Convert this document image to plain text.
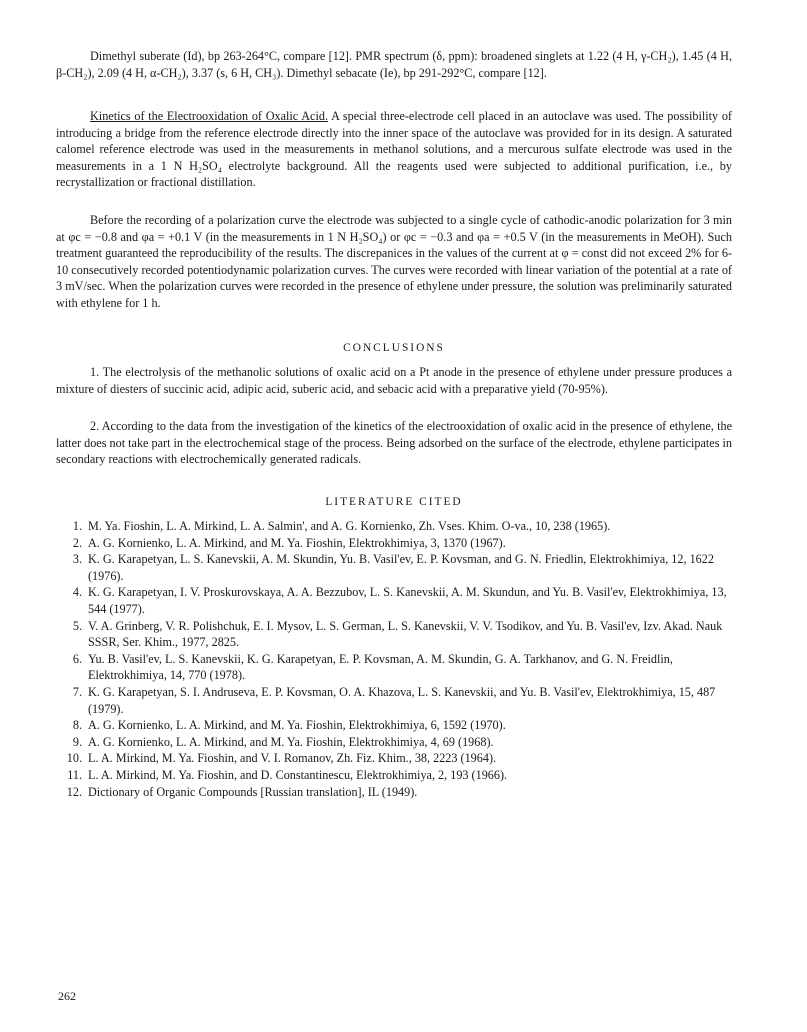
Dimethyl suberate (Id), bp 263-264°C, compare [12]. PMR spectrum (δ, ppm): broadened singlets at 1.22 (4 H, γ-CH₂), 1.45 (4 H, β-CH₂), 2.09 (4 H, α-CH₂), 3.37 (s, 6 H, CH₃). Dimethyl sebacate (Ie), bp 291-292°C, compare [12].

Kinetics of the Electrooxidation of Oxalic Acid. A special three-electrode cell placed in an autoclave was used. The possibility of introducing a bridge from the reference electrode directly into the inner space of the autoclave was provided for in its design. A saturated calomel reference electrode was used in the measurements in methanol solutions, and a mercurous sulfate electrode was used in the measurements in a 1 N H₂SO₄ electrolyte background. All the reagents used were subjected to additional purification, i.e., by recrystallization or fractional distillation.

Before the recording of a polarization curve the electrode was subjected to a single cycle of cathodic-anodic polarization for 3 min at φc = −0.8 and φa = +0.1 V (in the measurements in 1 N H₂SO₄) or φc = −0.3 and φa = +0.5 V (in the measurements in MeOH). Such treatment guaranteed the reproducibility of the results. The discrepanices in the values of the current at φ = const did not exceed 2% for 6-10 consecutively recorded potentiodynamic polarization curves. The curves were recorded with linear variation of the potential at a rate of 3 mV/sec. When the polarization curves were recorded in the presence of ethylene under pressure, the solution was preliminarily saturated with ethylene for 1 h.

CONCLUSIONS

1. The electrolysis of the methanolic solutions of oxalic acid on a Pt anode in the presence of ethylene under pressure produces a mixture of diesters of succinic acid, adipic acid, suberic acid, and sebacic acid with a preparative yield (70-95%).

2. According to the data from the investigation of the kinetics of the electrooxidation of oxalic acid in the presence of ethylene, the latter does not take part in the electrochemical stage of the process. Being adsorbed on the surface of the electrode, ethylene participates in secondary reactions with electrochemically generated radicals.

LITERATURE CITED
1. M. Ya. Fioshin, L. A. Mirkind, L. A. Salmin', and A. G. Kornienko, Zh. Vses. Khim. O-va., 10, 238 (1965).
2. A. G. Kornienko, L. A. Mirkind, and M. Ya. Fioshin, Elektrokhimiya, 3, 1370 (1967).
3. K. G. Karapetyan, L. S. Kanevskii, A. M. Skundin, Yu. B. Vasil'ev, E. P. Kovsman, and G. N. Friedlin, Elektrokhimiya, 12, 1622 (1976).
4. K. G. Karapetyan, I. V. Proskurovskaya, A. A. Bezzubov, L. S. Kanevskii, A. M. Skundun, and Yu. B. Vasil'ev, Elektrokhimiya, 13, 544 (1977).
5. V. A. Grinberg, V. R. Polishchuk, E. I. Mysov, L. S. German, L. S. Kanevskii, V. V. Tsodikov, and Yu. B. Vasil'ev, Izv. Akad. Nauk SSSR, Ser. Khim., 1977, 2825.
6. Yu. B. Vasil'ev, L. S. Kanevskii, K. G. Karapetyan, E. P. Kovsman, A. M. Skundin, G. A. Tarkhanov, and G. N. Freidlin, Elektrokhimiya, 14, 770 (1978).
7. K. G. Karapetyan, S. I. Andruseva, E. P. Kovsman, O. A. Khazova, L. S. Kanevskii, and Yu. B. Vasil'ev, Elektrokhimiya, 15, 487 (1979).
8. A. G. Kornienko, L. A. Mirkind, and M. Ya. Fioshin, Elektrokhimiya, 6, 1592 (1970).
9. A. G. Kornienko, L. A. Mirkind, and M. Ya. Fioshin, Elektrokhimiya, 4, 69 (1968).
10. L. A. Mirkind, M. Ya. Fioshin, and V. I. Romanov, Zh. Fiz. Khim., 38, 2223 (1964).
11. L. A. Mirkind, M. Ya. Fioshin, and D. Constantinescu, Elektrokhimiya, 2, 193 (1966).
12. Dictionary of Organic Compounds [Russian translation], IL (1949).
262
